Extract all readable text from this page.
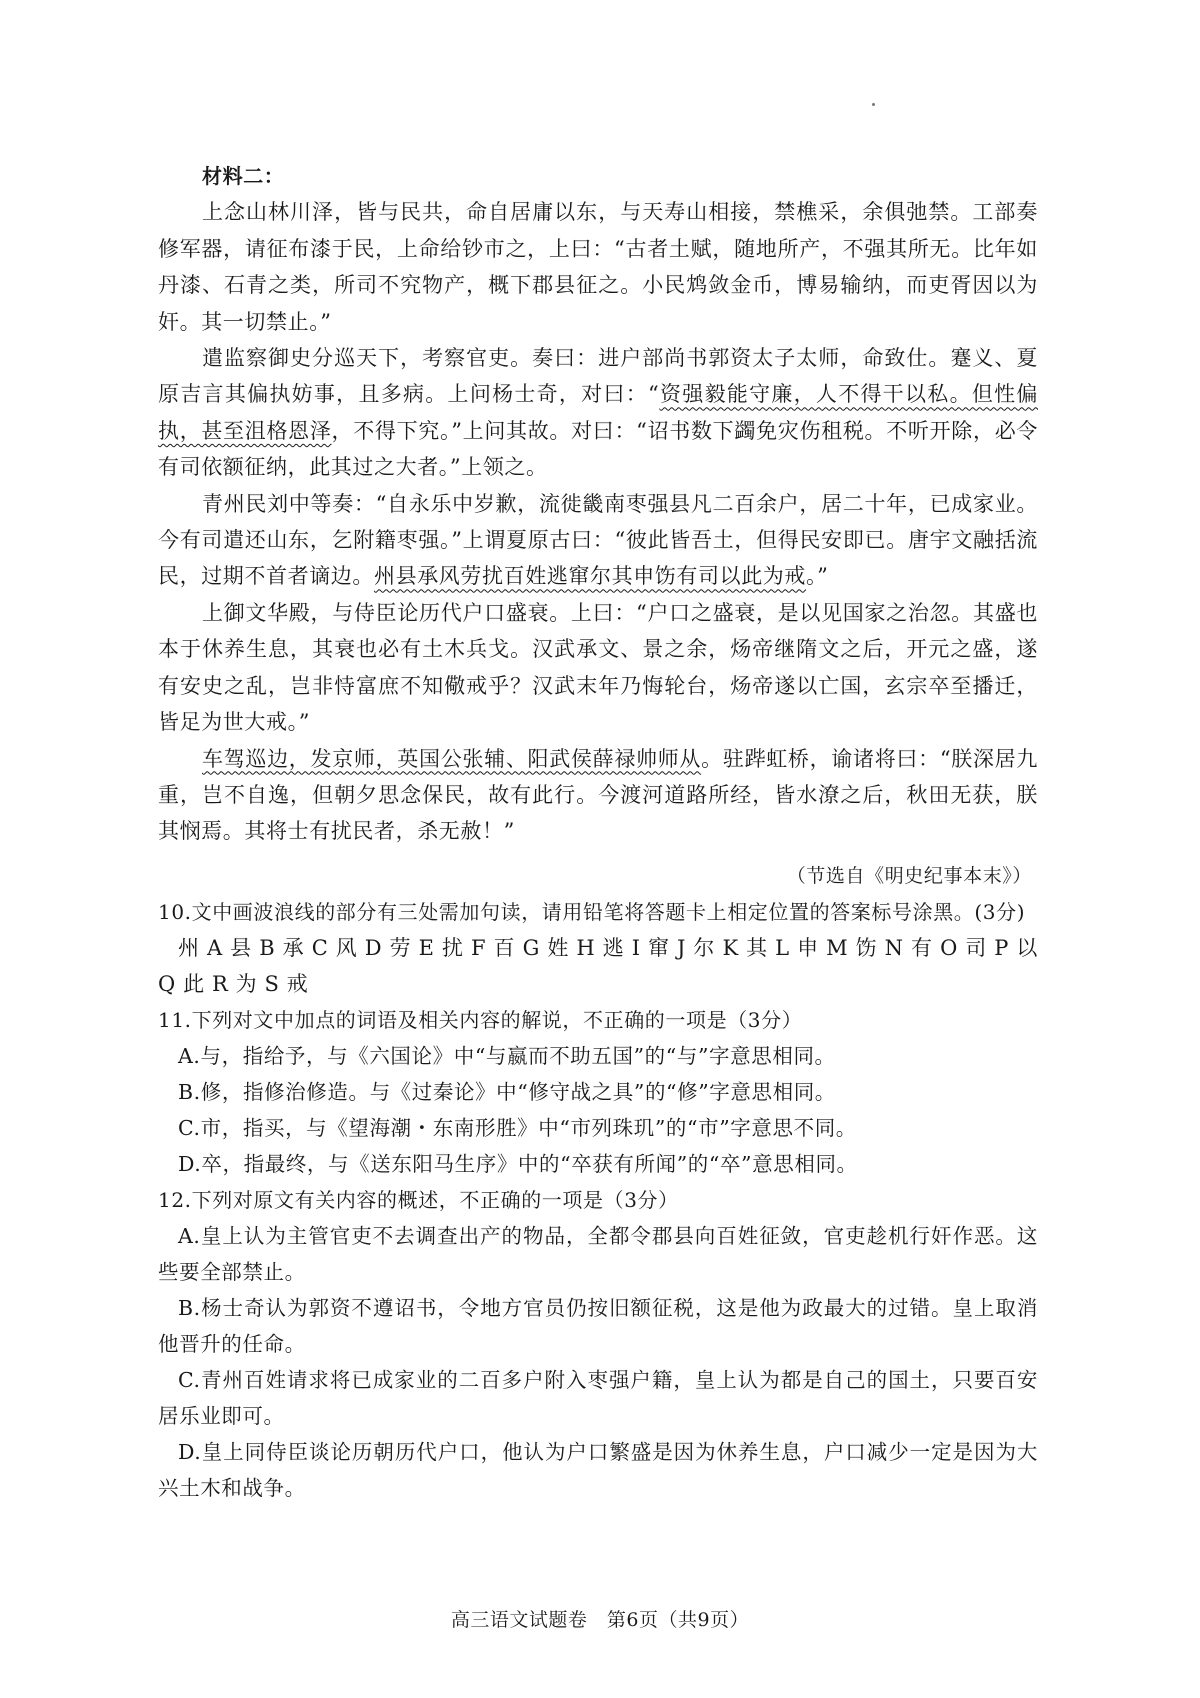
材料二：

上念山林川泽，皆与民共，命自居庸以东，与天寿山相接，禁樵采，余俱弛禁。工部奏修军器，请征布漆于民，上命给钞市之，上曰：“古者土赋，随地所产，不强其所无。比年如丹漆、石青之类，所司不究物产，概下郡县征之。小民鸩敛金币，博易输纳，而吏胥因以为奸。其一切禁止。”

遣监察御史分巡天下，考察官吏。奏曰：进户部尚书郭资太子太师，命致仕。蹇义、夏原吉言其偏执妨事，且多病。上问杨士奇，对曰：“资强毅能守廉，人不得干以私。但性偏执，甚至沮格恩泽，不得下究。”上问其故。对曰：“诏书数下蠲免灾伤租税。不听开除，必令有司依额征纳，此其过之大者。”上领之。

青州民刘中等奏：“自永乐中岁歉，流徙畿南枣强县凡二百余户，居二十年，已成家业。今有司遣还山东，乞附籍枣强。”上谓夏原古曰：“彼此皆吾土，但得民安即已。唐宇文融括流民，过期不首者谪边。州县承风劳扰百姓逃窜尔其申饬有司以此为戒。”

上御文华殿，与侍臣论历代户口盛衰。上曰：“户口之盛衰，是以见国家之治忽。其盛也本于休养生息，其衰也必有土木兵戈。汉武承文、景之余，炀帝继隋文之后，开元之盛，遂有安史之乱，岂非恃富庶不知儆戒乎？汉武末年乃悔轮台，炀帝遂以亡国，玄宗卒至播迁，皆足为世大戒。”

车驾巡边，发京师，英国公张辅、阳武侯薛禄帅师从。驻跸虹桥，谕诸将曰：“朕深居九重，岂不自逸，但朝夕思念保民，故有此行。今渡河道路所经，皆水潦之后，秋田无获，朕其悯焉。其将士有扰民者，杀无赦！”

（节选自《明史纪事本末》）

10.文中画波浪线的部分有三处需加句读，请用铅笔将答题卡上相定位置的答案标号涂黑。(3分)

州 A 县 B 承 C 风 D 劳 E 扰 F 百 G 姓 H 逃 I 窜 J 尔 K 其 L 申 M 饬 N 有 O 司 P 以 Q 此 R 为 S 戒

11.下列对文中加点的词语及相关内容的解说，不正确的一项是（3分）

A.与，指给予，与《六国论》中“与嬴而不助五国”的“与”字意思相同。

B.修，指修治修造。与《过秦论》中“修守战之具”的“修”字意思相同。

C.市，指买，与《望海潮・东南形胜》中“市列珠玑”的“市”字意思不同。

D.卒，指最终，与《送东阳马生序》中的“卒获有所闻”的“卒”意思相同。

12.下列对原文有关内容的概述，不正确的一项是（3分）

A.皇上认为主管官吏不去调查出产的物品，全都令郡县向百姓征敛，官吏趁机行奸作恶。这些要全部禁止。

B.杨士奇认为郭资不遵诏书，令地方官员仍按旧额征税，这是他为政最大的过错。皇上取消他晋升的任命。

C.青州百姓请求将已成家业的二百多户附入枣强户籍，皇上认为都是自己的国土，只要百安居乐业即可。

D.皇上同侍臣谈论历朝历代户口，他认为户口繁盛是因为休养生息，户口减少一定是因为大兴土木和战争。

高三语文试题卷　第6页（共9页）
